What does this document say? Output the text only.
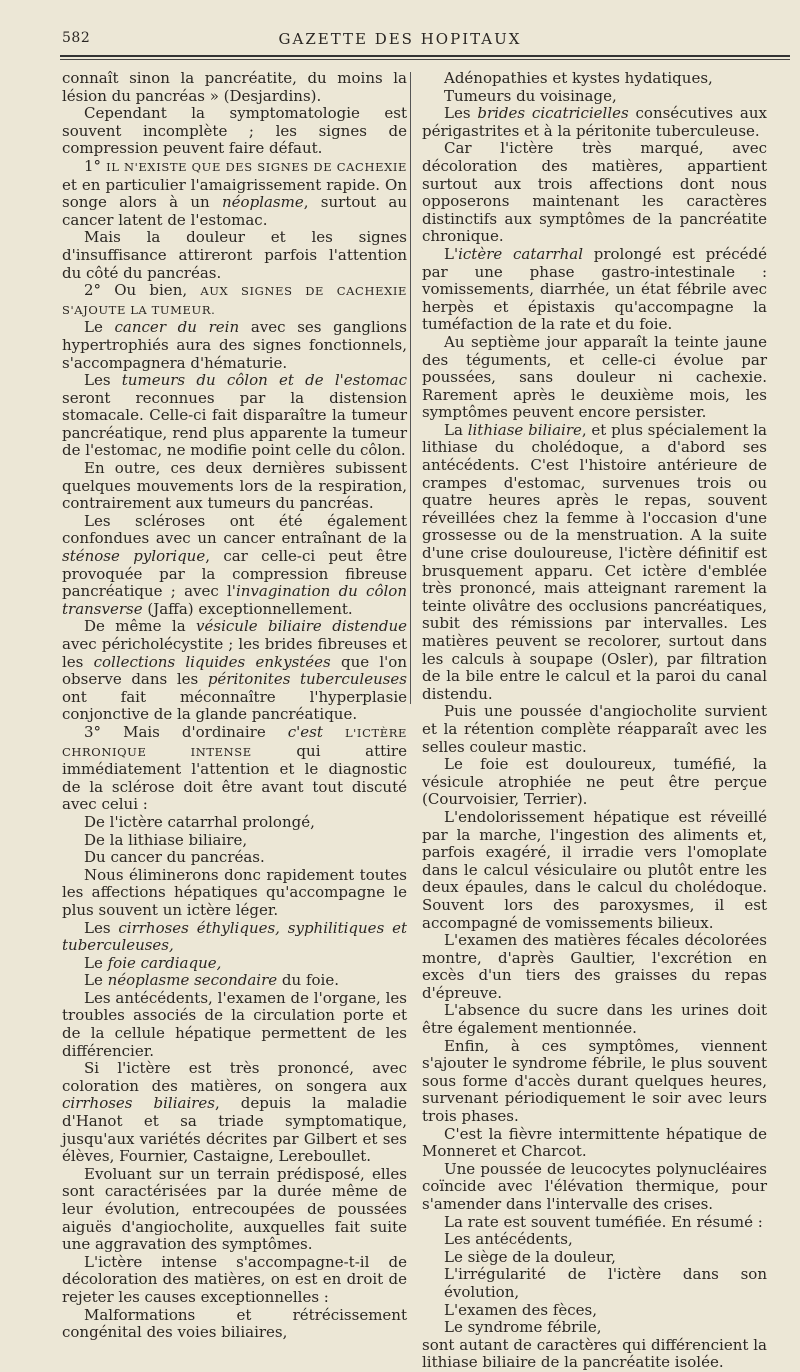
582	GAZETTE DES HOPITAUX

connaît sinon la pancréatite, du moins la lésion du pancréas » (Desjardins).

Cependant la symptomatologie est souvent incomplète ; les signes de compression peuvent faire défaut.

1° IL N'EXISTE QUE DES SIGNES DE CACHEXIE et en particulier l'amaigrissement rapide. On songe alors à un néoplasme, surtout au cancer latent de l'estomac.

Mais la douleur et les signes d'insuffisance attireront parfois l'attention du côté du pancréas.

2° Ou bien, AUX SIGNES DE CACHEXIE S'AJOUTE LA TUMEUR.

Le cancer du rein avec ses ganglions hypertrophiés aura des signes fonctionnels, s'accompagnera d'hématurie.

Les tumeurs du côlon et de l'estomac seront reconnues par la distension stomacale. Celle-ci fait disparaître la tumeur pancréatique, rend plus apparente la tumeur de l'estomac, ne modifie point celle du côlon.

En outre, ces deux dernières subissent quelques mouvements lors de la respiration, contrairement aux tumeurs du pancréas.

Les scléroses ont été également confondues avec un cancer entraînant de la sténose pylorique, car celle-ci peut être provoquée par la compression fibreuse pancréatique ; avec l'invagination du côlon transverse (Jaffa) exceptionnellement.

De même la vésicule biliaire distendue avec péricholécystite ; les brides fibreuses et les collections liquides enkystées que l'on observe dans les péritonites tuberculeuses ont fait méconnaître l'hyperplasie conjonctive de la glande pancréatique.

3° Mais d'ordinaire c'est L'ICTÈRE CHRONIQUE INTENSE qui attire immédiatement l'attention et le diagnostic de la sclérose doit être avant tout discuté avec celui :

De l'ictère catarrhal prolongé,

De la lithiase biliaire,

Du cancer du pancréas.

Nous éliminerons donc rapidement toutes les affections hépatiques qu'accompagne le plus souvent un ictère léger.

Les cirrhoses éthyliques, syphilitiques et tuberculeuses,

Le foie cardiaque,

Le néoplasme secondaire du foie.

Les antécédents, l'examen de l'organe, les troubles associés de la circulation porte et de la cellule hépatique permettent de les différencier.

Si l'ictère est très prononcé, avec coloration des matières, on songera aux cirrhoses biliaires, depuis la maladie d'Hanot et sa triade symptomatique, jusqu'aux variétés décrites par Gilbert et ses élèves, Fournier, Castaigne, Lereboullet.

Evoluant sur un terrain prédisposé, elles sont caractérisées par la durée même de leur évolution, entrecoupées de poussées aiguës d'angiocholite, auxquelles fait suite une aggravation des symptômes.

L'ictère intense s'accompagne-t-il de décoloration des matières, on est en droit de rejeter les causes exceptionnelles :

Malformations et rétrécissement congénital des voies biliaires,

Adénopathies et kystes hydatiques,

Tumeurs du voisinage,

Les brides cicatricielles consécutives aux périgastrites et à la péritonite tuberculeuse.

Car l'ictère très marqué, avec décoloration des matières, appartient surtout aux trois affections dont nous opposerons maintenant les caractères distinctifs aux symptômes de la pancréatite chronique.

L'ictère catarrhal prolongé est précédé par une phase gastro-intestinale : vomissements, diarrhée, un état fébrile avec herpès et épistaxis qu'accompagne la tuméfaction de la rate et du foie.

Au septième jour apparaît la teinte jaune des téguments, et celle-ci évolue par poussées, sans douleur ni cachexie. Rarement après le deuxième mois, les symptômes peuvent encore persister.

La lithiase biliaire, et plus spécialement la lithiase du cholédoque, a d'abord ses antécédents. C'est l'histoire antérieure de crampes d'estomac, survenues trois ou quatre heures après le repas, souvent réveillées chez la femme à l'occasion d'une grossesse ou de la menstruation. A la suite d'une crise douloureuse, l'ictère définitif est brusquement apparu. Cet ictère d'emblée très prononcé, mais atteignant rarement la teinte olivâtre des occlusions pancréatiques, subit des rémissions par intervalles. Les matières peuvent se recolorer, surtout dans les calculs à soupape (Osler), par filtration de la bile entre le calcul et la paroi du canal distendu.

Puis une poussée d'angiocholite survient et la rétention complète réapparaît avec les selles couleur mastic.

Le foie est douloureux, tuméfié, la vésicule atrophiée ne peut être perçue (Courvoisier, Terrier).

L'endolorissement hépatique est réveillé par la marche, l'ingestion des aliments et, parfois exagéré, il irradie vers l'omoplate dans le calcul vésiculaire ou plutôt entre les deux épaules, dans le calcul du cholédoque. Souvent lors des paroxysmes, il est accompagné de vomissements bilieux.

L'examen des matières fécales décolorées montre, d'après Gaultier, l'excrétion en excès d'un tiers des graisses du repas d'épreuve.

L'absence du sucre dans les urines doit être également mentionnée.

Enfin, à ces symptômes, viennent s'ajouter le syndrome fébrile, le plus souvent sous forme d'accès durant quelques heures, survenant périodiquement le soir avec leurs trois phases.

C'est la fièvre intermittente hépatique de Monneret et Charcot.

Une poussée de leucocytes polynucléaires coïncide avec l'élévation thermique, pour s'amender dans l'intervalle des crises.

La rate est souvent tuméfiée. En résumé :

Les antécédents,

Le siège de la douleur,

L'irrégularité de l'ictère dans son évolution,

L'examen des fèces,

Le syndrome fébrile,

sont autant de caractères qui différencient la lithiase biliaire de la pancréatite isolée.
